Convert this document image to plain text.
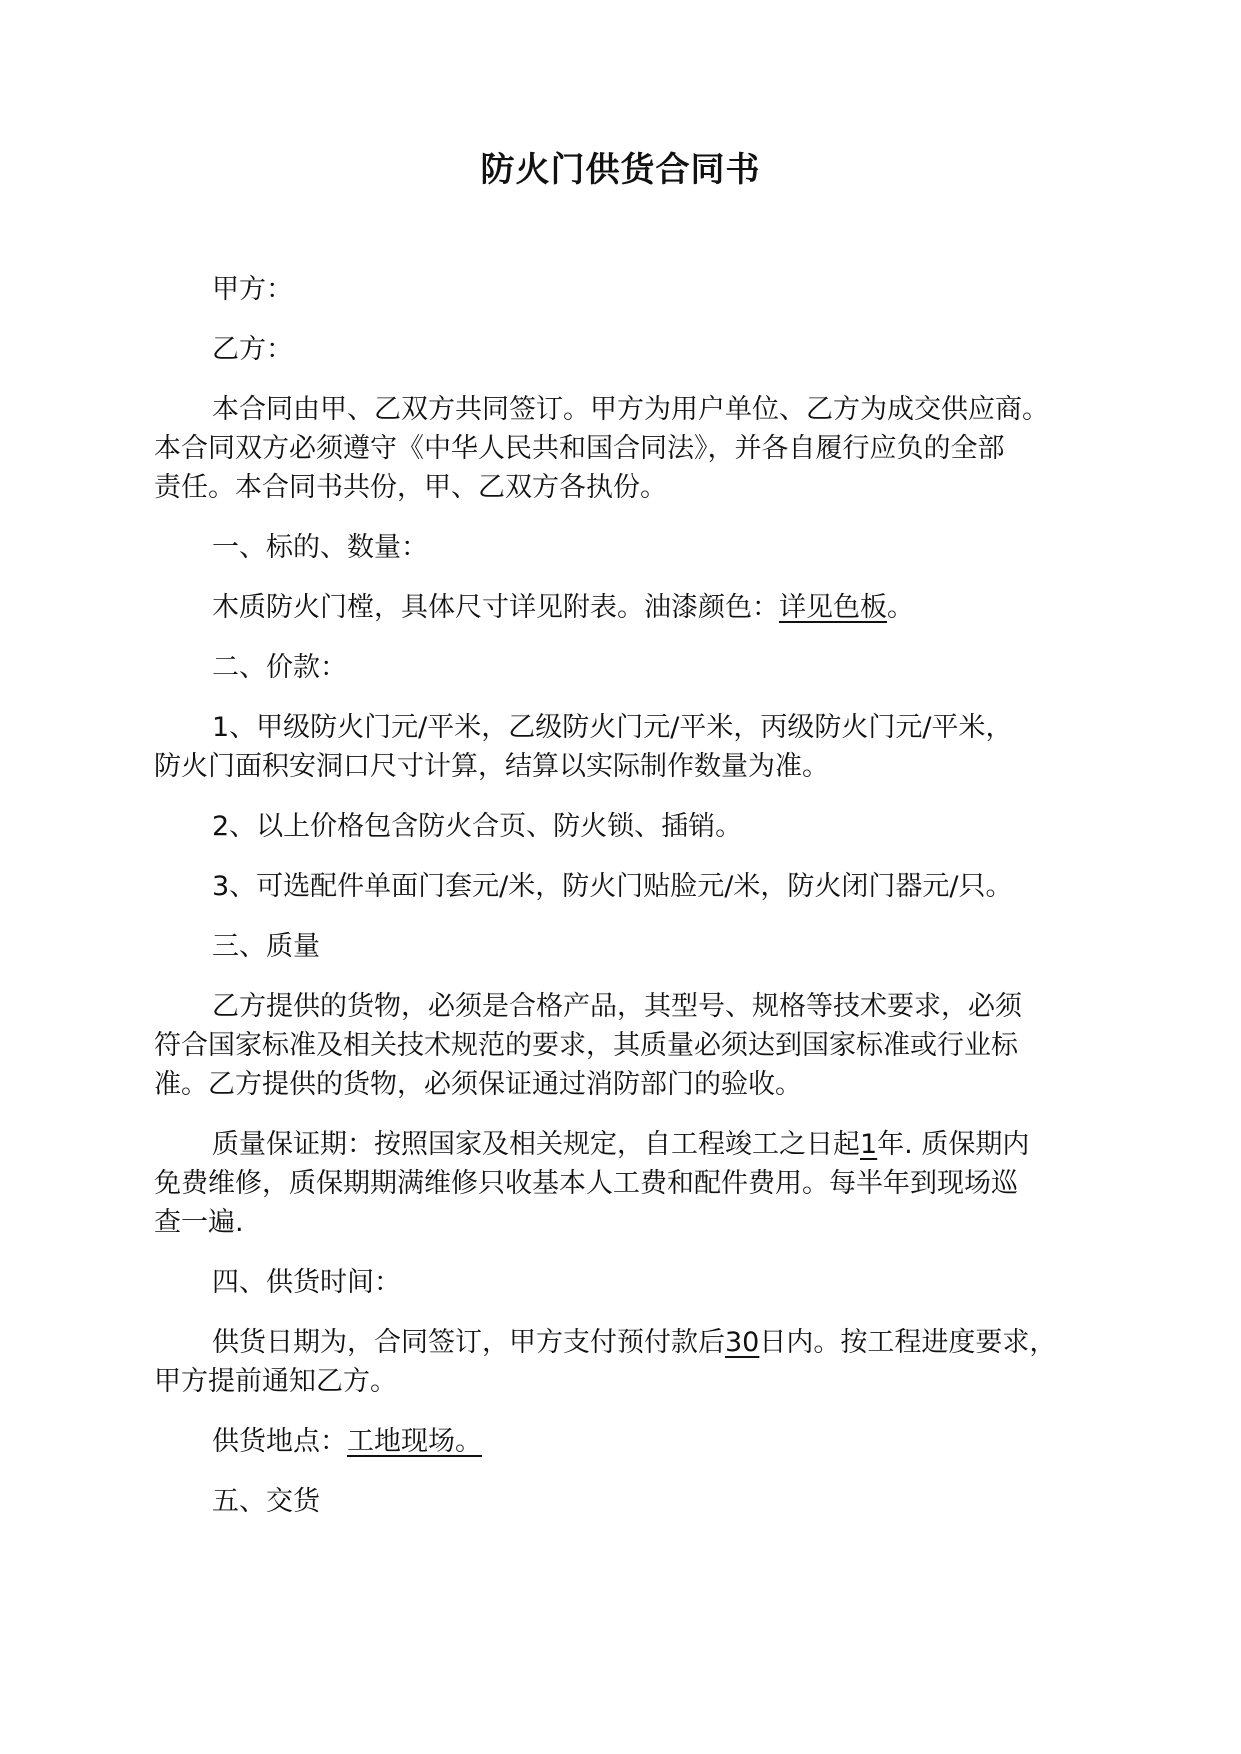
防火门供货合同书

甲方：

乙方：

本合同由甲、乙双方共同签订。甲方为用户单位、乙方为成交供应商。
本合同双方必须遵守《中华人民共和国合同法》，并各自履行应负的全部
责任。本合同书共份，甲、乙双方各执份。

一、标的、数量：

木质防火门樘，具体尺寸详见附表。油漆颜色：详见色板。

二、价款：

1、甲级防火门元/平米，乙级防火门元/平米，丙级防火门元/平米，
防火门面积安洞口尺寸计算，结算以实际制作数量为准。

2、以上价格包含防火合页、防火锁、插销。

3、可选配件单面门套元/米，防火门贴脸元/米，防火闭门器元/只。

三、质量

乙方提供的货物，必须是合格产品，其型号、规格等技术要求，必须
符合国家标准及相关技术规范的要求，其质量必须达到国家标准或行业标
准。乙方提供的货物，必须保证通过消防部门的验收。

质量保证期：按照国家及相关规定，自工程竣工之日起1年. 质保期内
免费维修，质保期期满维修只收基本人工费和配件费用。每半年到现场巡
查一遍.

四、供货时间：

供货日期为，合同签订，甲方支付预付款后30日内。按工程进度要求，
甲方提前通知乙方。

供货地点：工地现场。

五、交货
